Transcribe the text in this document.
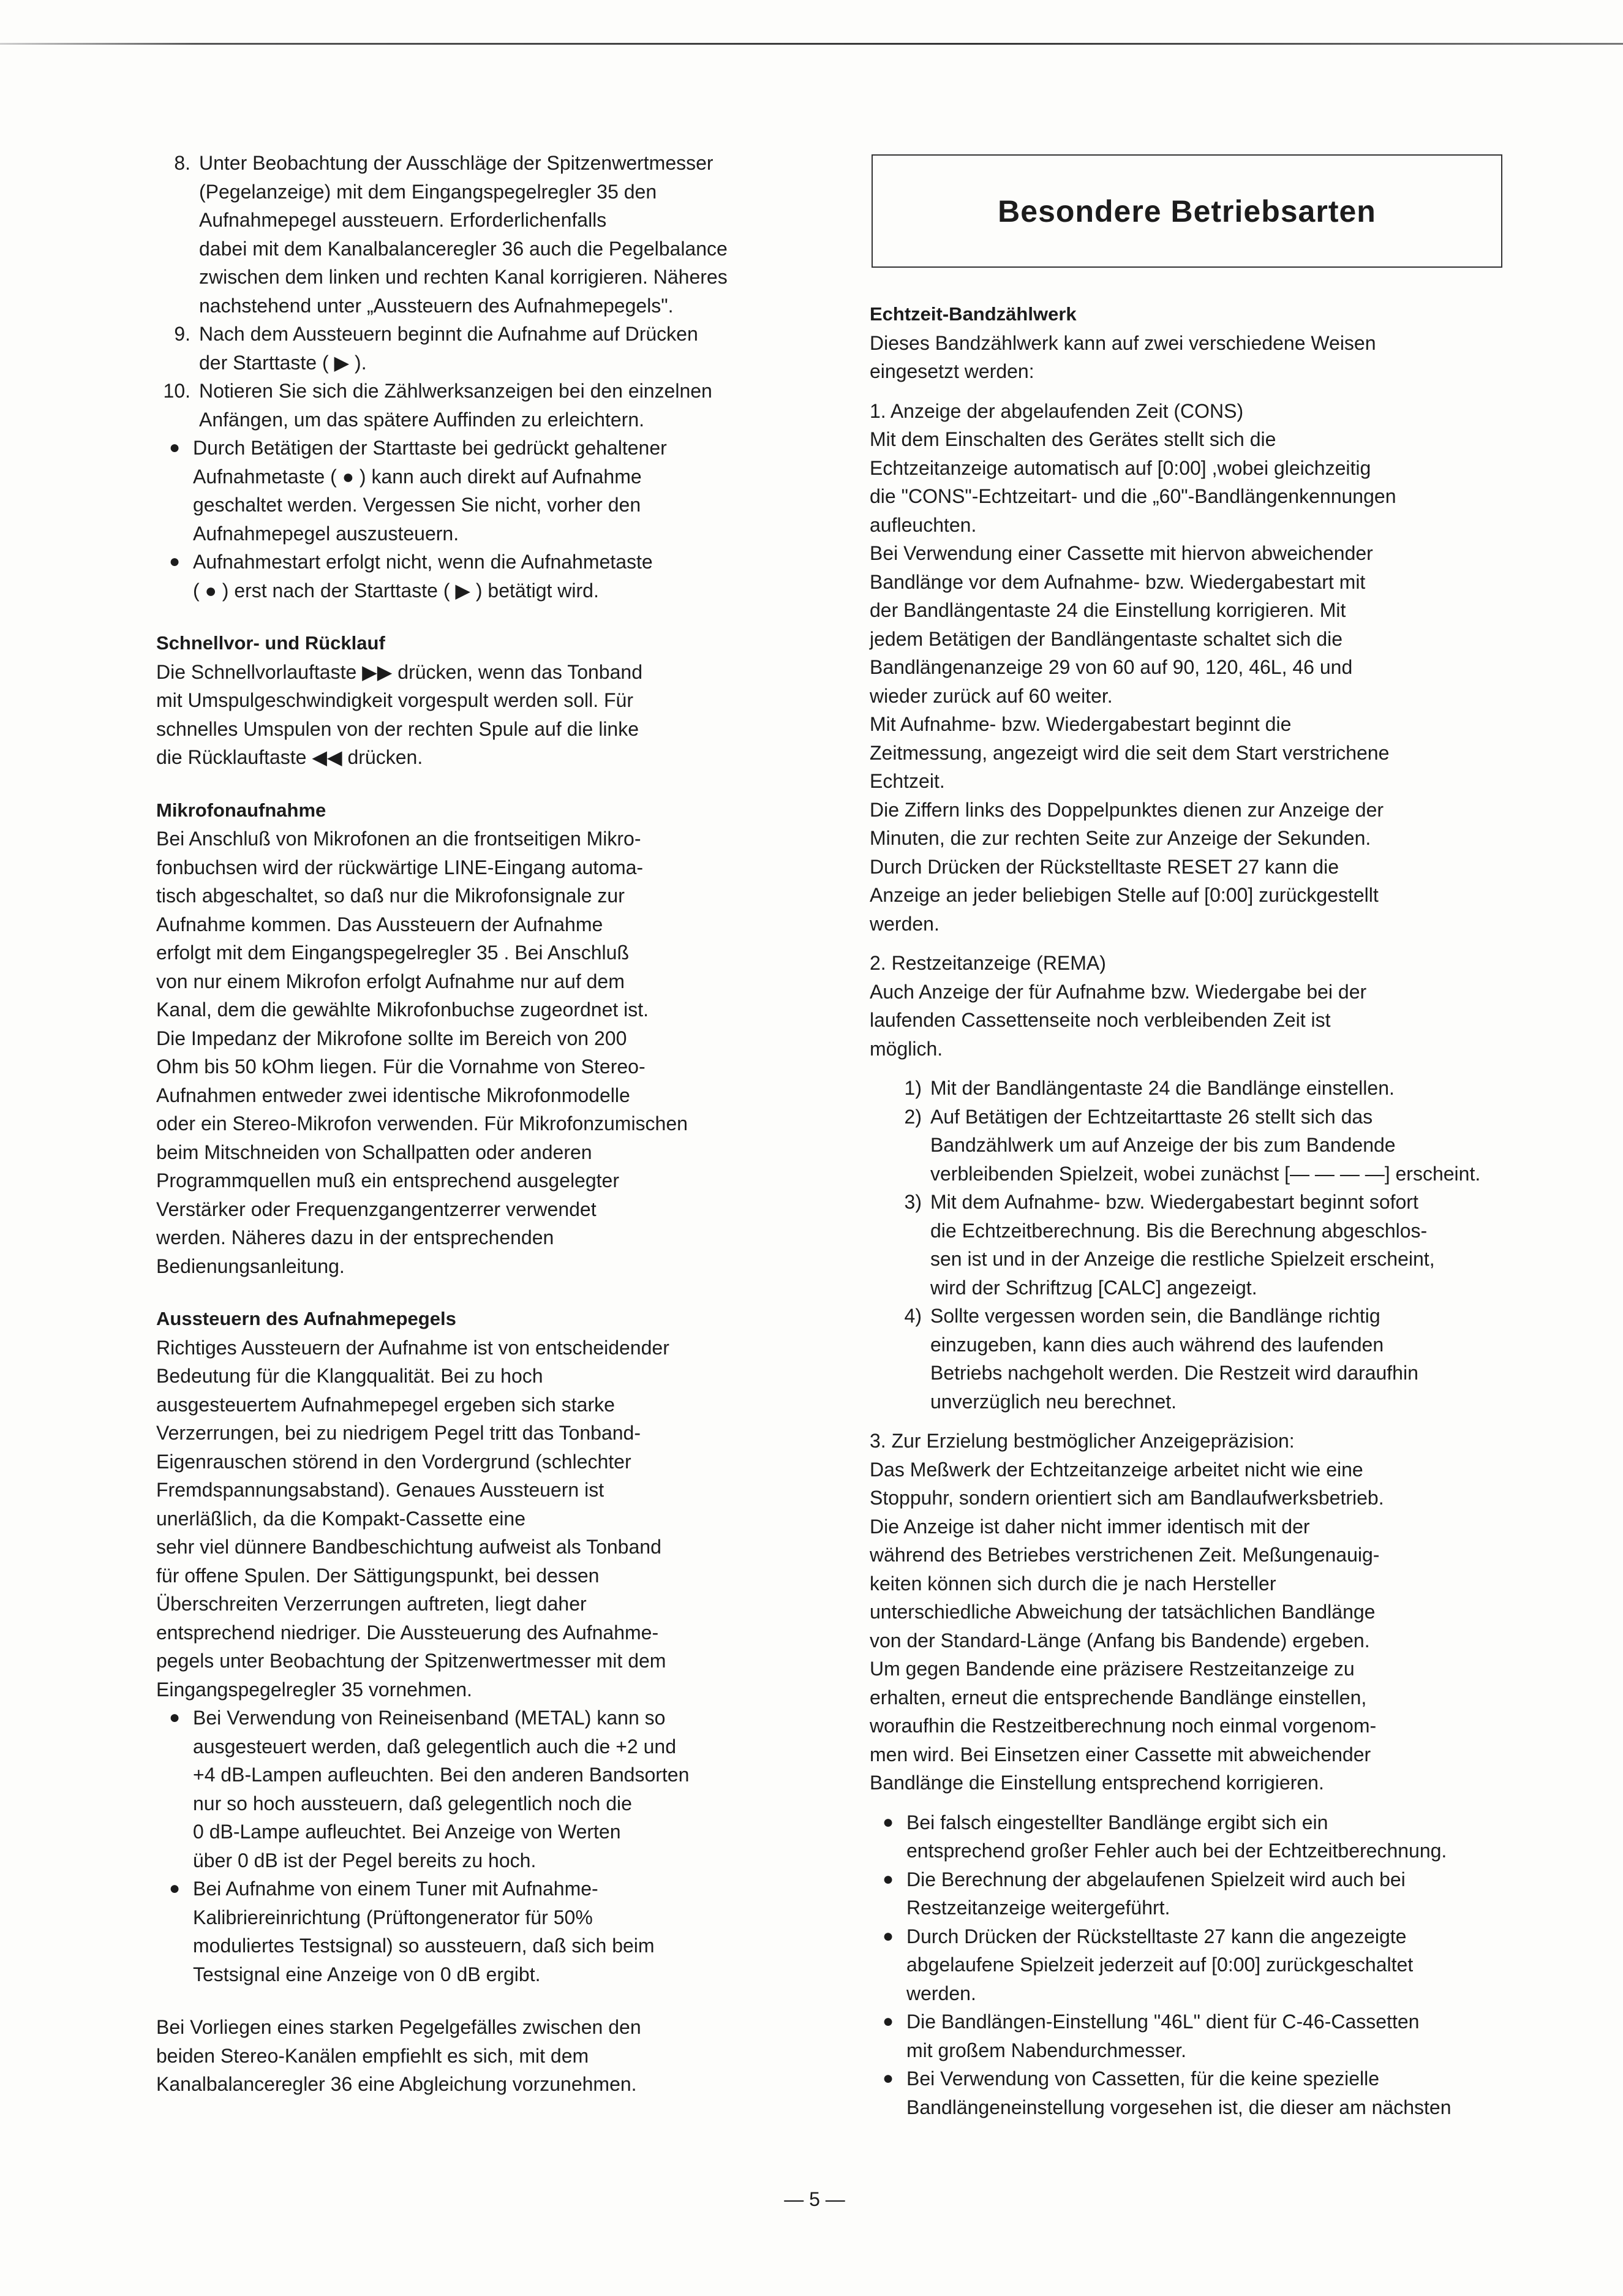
8. Unter Beobachtung der Ausschläge der Spitzenwertmesser
(Pegelanzeige) mit dem Eingangspegelregler 35 den
Aufnahmepegel aussteuern. Erforderlichenfalls
dabei mit dem Kanalbalanceregler 36 auch die Pegelbalance
zwischen dem linken und rechten Kanal korrigieren. Näheres
nachstehend unter „Aussteuern des Aufnahmepegels".
9. Nach dem Aussteuern beginnt die Aufnahme auf Drücken
der Starttaste ( ▶ ).
10. Notieren Sie sich die Zählwerksanzeigen bei den einzelnen
Anfängen, um das spätere Auffinden zu erleichtern.
● Durch Betätigen der Starttaste bei gedrückt gehaltener
Aufnahmetaste ( ● ) kann auch direkt auf Aufnahme
geschaltet werden. Vergessen Sie nicht, vorher den
Aufnahmepegel auszusteuern.
● Aufnahmestart erfolgt nicht, wenn die Aufnahmetaste
( ● ) erst nach der Starttaste ( ▶ ) betätigt wird.
Schnellvor- und Rücklauf
Die Schnellvorlauftaste ▶▶ drücken, wenn das Tonband
mit Umspulgeschwindigkeit vorgespult werden soll. Für
schnelles Umspulen von der rechten Spule auf die linke
die Rücklauftaste ◀◀ drücken.
Mikrofonaufnahme
Bei Anschluß von Mikrofonen an die frontseitigen Mikro-
fonbuchsen wird der rückwärtige LINE-Eingang automa-
tisch abgeschaltet, so daß nur die Mikrofonsignale zur
Aufnahme kommen. Das Aussteuern der Aufnahme
erfolgt mit dem Eingangspegelregler 35 . Bei Anschluß
von nur einem Mikrofon erfolgt Aufnahme nur auf dem
Kanal, dem die gewählte Mikrofonbuchse zugeordnet ist.
Die Impedanz der Mikrofone sollte im Bereich von 200
Ohm bis 50 kOhm liegen. Für die Vornahme von Stereo-
Aufnahmen entweder zwei identische Mikrofonmodelle
oder ein Stereo-Mikrofon verwenden. Für Mikrofonzumischen
beim Mitschneiden von Schallpatten oder anderen
Programmquellen muß ein entsprechend ausgelegter
Verstärker oder Frequenzgangentzerrer verwendet
werden. Näheres dazu in der entsprechenden
Bedienungsanleitung.
Aussteuern des Aufnahmepegels
Richtiges Aussteuern der Aufnahme ist von entscheidender
Bedeutung für die Klangqualität. Bei zu hoch
ausgesteuertem Aufnahmepegel ergeben sich starke
Verzerrungen, bei zu niedrigem Pegel tritt das Tonband-
Eigenrauschen störend in den Vordergrund (schlechter
Fremdspannungsabstand). Genaues Aussteuern ist
unerläßlich, da die Kompakt-Cassette eine
sehr viel dünnere Bandbeschichtung aufweist als Tonband
für offene Spulen. Der Sättigungspunkt, bei dessen
Überschreiten Verzerrungen auftreten, liegt daher
entsprechend niedriger. Die Aussteuerung des Aufnahme-
pegels unter Beobachtung der Spitzenwertmesser mit dem
Eingangspegelregler 35 vornehmen.
● Bei Verwendung von Reineisenband (METAL) kann so
ausgesteuert werden, daß gelegentlich auch die +2 und
+4 dB-Lampen aufleuchten. Bei den anderen Bandsorten
nur so hoch aussteuern, daß gelegentlich noch die
0 dB-Lampe aufleuchtet. Bei Anzeige von Werten
über 0 dB ist der Pegel bereits zu hoch.
● Bei Aufnahme von einem Tuner mit Aufnahme-
Kalibriereinrichtung (Prüftongenerator für 50%
moduliertes Testsignal) so aussteuern, daß sich beim
Testsignal eine Anzeige von 0 dB ergibt.
Bei Vorliegen eines starken Pegelgefälles zwischen den
beiden Stereo-Kanälen empfiehlt es sich, mit dem
Kanalbalanceregler 36 eine Abgleichung vorzunehmen.
Besondere Betriebsarten
Echtzeit-Bandzählwerk
Dieses Bandzählwerk kann auf zwei verschiedene Weisen
eingesetzt werden:
1. Anzeige der abgelaufenden Zeit (CONS)
Mit dem Einschalten des Gerätes stellt sich die
Echtzeitanzeige automatisch auf [0:00] ,wobei gleichzeitig
die "CONS"-Echtzeitart- und die „60"-Bandlängenkennungen
aufleuchten.
Bei Verwendung einer Cassette mit hiervon abweichender
Bandlänge vor dem Aufnahme- bzw. Wiedergabestart mit
der Bandlängentaste 24 die Einstellung korrigieren. Mit
jedem Betätigen der Bandlängentaste schaltet sich die
Bandlängenanzeige 29 von 60 auf 90, 120, 46L, 46 und
wieder zurück auf 60 weiter.
Mit Aufnahme- bzw. Wiedergabestart beginnt die
Zeitmessung, angezeigt wird die seit dem Start verstrichene
Echtzeit.
Die Ziffern links des Doppelpunktes dienen zur Anzeige der
Minuten, die zur rechten Seite zur Anzeige der Sekunden.
Durch Drücken der Rückstelltaste RESET 27 kann die
Anzeige an jeder beliebigen Stelle auf [0:00] zurückgestellt
werden.
2. Restzeitanzeige (REMA)
Auch Anzeige der für Aufnahme bzw. Wiedergabe bei der
laufenden Cassettenseite noch verbleibenden Zeit ist
möglich.
1) Mit der Bandlängentaste 24 die Bandlänge einstellen.
2) Auf Betätigen der Echtzeitarttaste 26 stellt sich das
Bandzählwerk um auf Anzeige der bis zum Bandende
verbleibenden Spielzeit, wobei zunächst [— — — —] erscheint.
3) Mit dem Aufnahme- bzw. Wiedergabestart beginnt sofort
die Echtzeitberechnung. Bis die Berechnung abgeschlos-
sen ist und in der Anzeige die restliche Spielzeit erscheint,
wird der Schriftzug [CALC] angezeigt.
4) Sollte vergessen worden sein, die Bandlänge richtig
einzugeben, kann dies auch während des laufenden
Betriebs nachgeholt werden. Die Restzeit wird daraufhin
unverzüglich neu berechnet.
3. Zur Erzielung bestmöglicher Anzeigepräzision:
Das Meßwerk der Echtzeitanzeige arbeitet nicht wie eine
Stoppuhr, sondern orientiert sich am Bandlaufwerksbetrieb.
Die Anzeige ist daher nicht immer identisch mit der
während des Betriebes verstrichenen Zeit. Meßungenauig-
keiten können sich durch die je nach Hersteller
unterschiedliche Abweichung der tatsächlichen Bandlänge
von der Standard-Länge (Anfang bis Bandende) ergeben.
Um gegen Bandende eine präzisere Restzeitanzeige zu
erhalten, erneut die entsprechende Bandlänge einstellen,
woraufhin die Restzeitberechnung noch einmal vorgenom-
men wird. Bei Einsetzen einer Cassette mit abweichender
Bandlänge die Einstellung entsprechend korrigieren.
● Bei falsch eingestellter Bandlänge ergibt sich ein
entsprechend großer Fehler auch bei der Echtzeitberechnung.
● Die Berechnung der abgelaufenen Spielzeit wird auch bei
Restzeitanzeige weitergeführt.
● Durch Drücken der Rückstelltaste 27 kann die angezeigte
abgelaufene Spielzeit jederzeit auf [0:00] zurückgeschaltet
werden.
● Die Bandlängen-Einstellung "46L" dient für C-46-Cassetten
mit großem Nabendurchmesser.
● Bei Verwendung von Cassetten, für die keine spezielle
Bandlängeneinstellung vorgesehen ist, die dieser am nächsten
— 5 —
